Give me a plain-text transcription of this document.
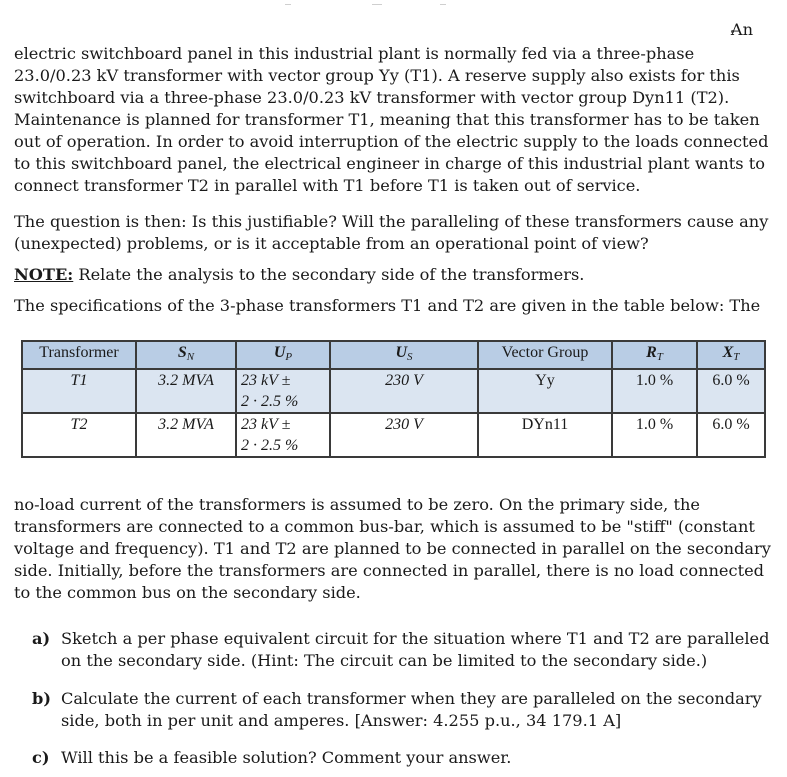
An

electric switchboard panel in this industrial plant is normally fed via a three-phase 23.0/0.23 kV transformer with vector group Yy (T1). A reserve supply also exists for this switchboard via a three-phase 23.0/0.23 kV transformer with vector group Dyn11 (T2). Maintenance is planned for transformer T1, meaning that this transformer has to be taken out of operation. In order to avoid interruption of the electric supply to the loads connected to this switchboard panel, the electrical engineer in charge of this industrial plant wants to connect transformer T2 in parallel with T1 before T1 is taken out of service.

The question is then: Is this justifiable? Will the paralleling of these transformers cause any (unexpected) problems, or is it acceptable from an operational point of view?

NOTE: Relate the analysis to the secondary side of the transformers.

The specifications of the 3-phase transformers T1 and T2 are given in the table below: The

Transformer	$S_N$	$U_P$	$U_S$	Vector Group	$R_T$	$X_T$
T1	3.2 MVA	23 kV ±
2 · 2.5 %	230 V	Yy	1.0 %	6.0 %
T2	3.2 MVA	23 kV ±
2 · 2.5 %	230 V	DYn11	1.0 %	6.0 %

no-load current of the transformers is assumed to be zero. On the primary side, the transformers are connected to a common bus-bar, which is assumed to be "stiff" (constant voltage and frequency). T1 and T2 are planned to be connected in parallel on the secondary side. Initially, before the transformers are connected in parallel, there is no load connected to the common bus on the secondary side.

a) Sketch a per phase equivalent circuit for the situation where T1 and T2 are paralleled on the secondary side. (Hint: The circuit can be limited to the secondary side.)
b) Calculate the current of each transformer when they are paralleled on the secondary side, both in per unit and amperes. [Answer: 4.255 p.u., 34 179.1 A]
c) Will this be a feasible solution? Comment your answer.
